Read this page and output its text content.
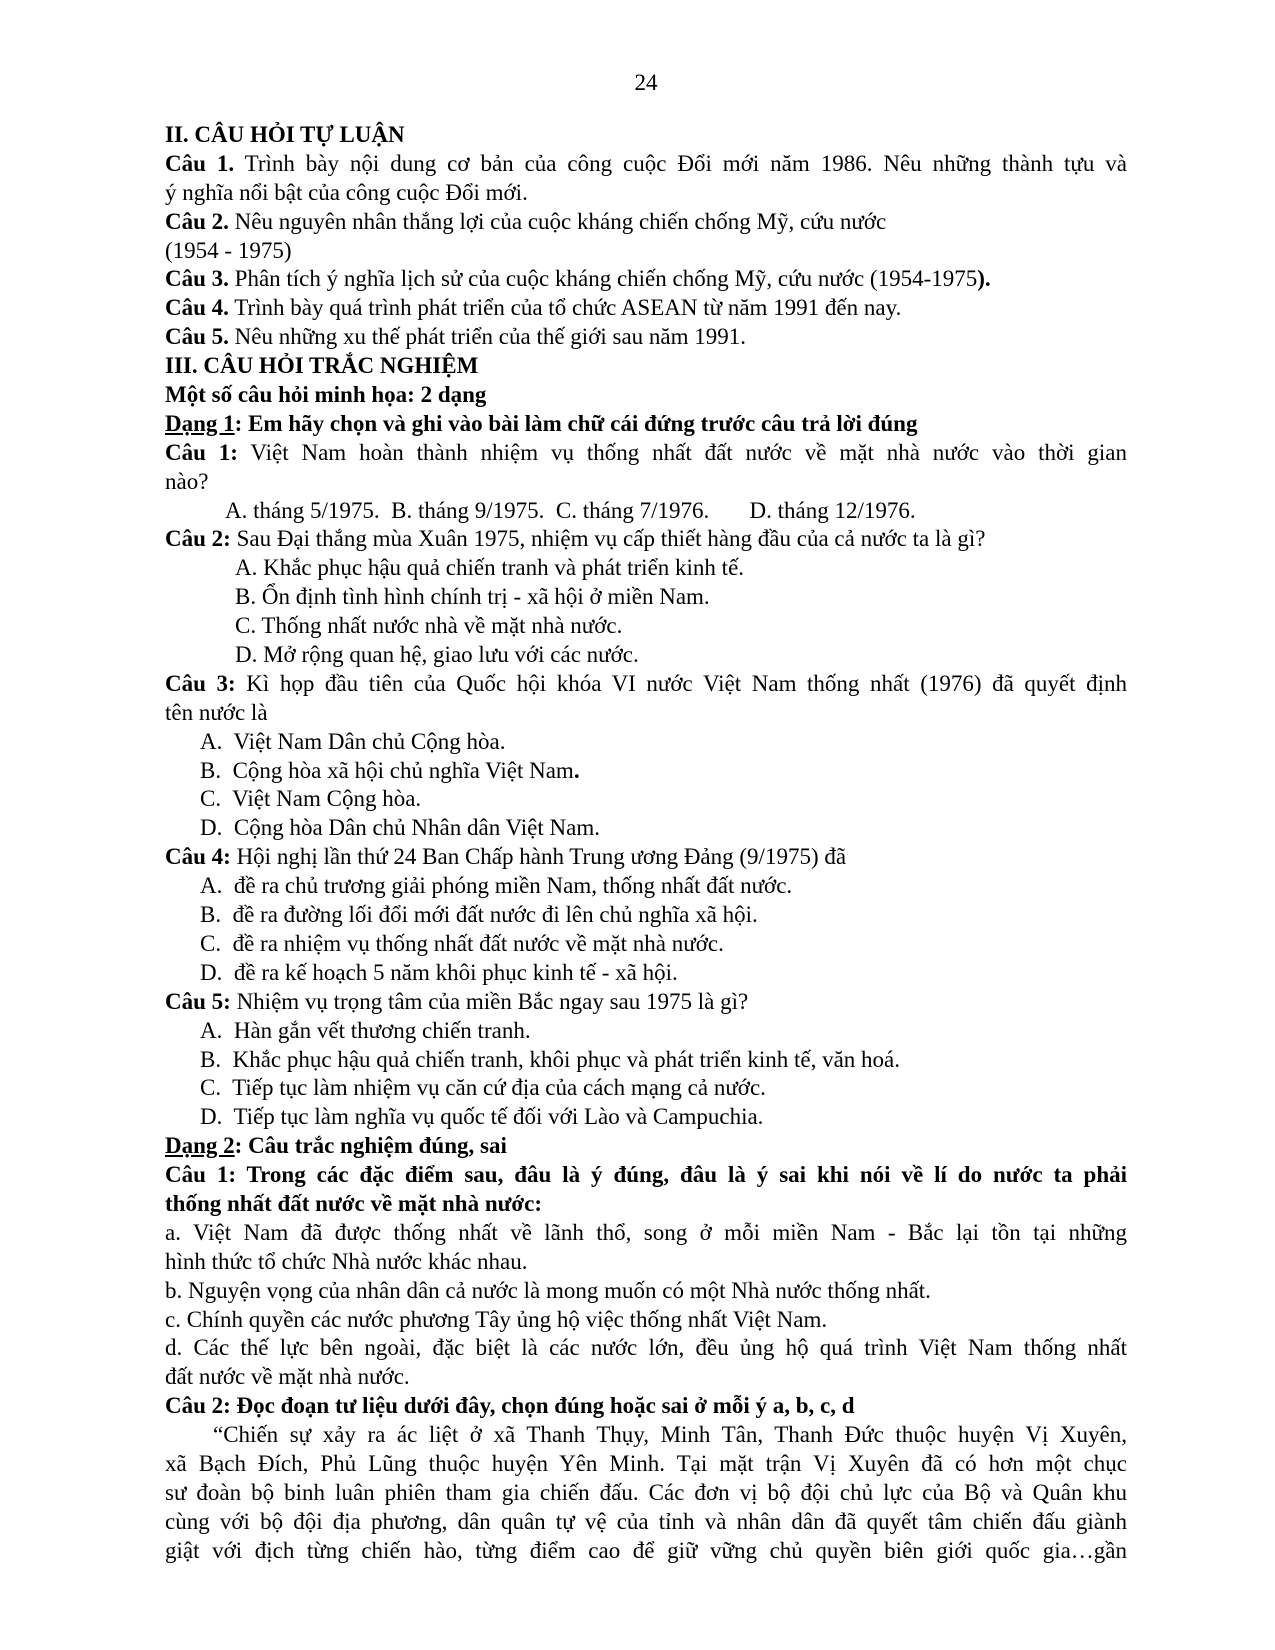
24
II. CÂU HỎI TỰ LUẬN
Câu 1. Trình bày nội dung cơ bản của công cuộc Đổi mới năm 1986. Nêu những thành tựu và
ý nghĩa nổi bật của công cuộc Đổi mới.
Câu 2. Nêu nguyên nhân thắng lợi của cuộc kháng chiến chống Mỹ, cứu nước
(1954 - 1975)
Câu 3. Phân tích ý nghĩa lịch sử của cuộc kháng chiến chống Mỹ, cứu nước (1954-1975).
Câu 4. Trình bày quá trình phát triển của tổ chức ASEAN từ năm 1991 đến nay.
Câu 5. Nêu những xu thế phát triển của thế giới sau năm 1991.
III. CÂU HỎI TRẮC NGHIỆM
Một số câu hỏi minh họa: 2 dạng
Dạng 1: Em hãy chọn và ghi vào bài làm chữ cái đứng trước câu trả lời đúng
Câu 1: Việt Nam hoàn thành nhiệm vụ thống nhất đất nước về mặt nhà nước vào thời gian
nào?
A. tháng 5/1975.  B. tháng 9/1975.  C. tháng 7/1976.       D. tháng 12/1976.
Câu 2: Sau Đại thắng mùa Xuân 1975, nhiệm vụ cấp thiết hàng đầu của cả nước ta là gì?
A. Khắc phục hậu quả chiến tranh và phát triển kinh tế.
B. Ổn định tình hình chính trị - xã hội ở miền Nam.
C. Thống nhất nước nhà về mặt nhà nước.
D. Mở rộng quan hệ, giao lưu với các nước.
Câu 3: Kì họp đầu tiên của Quốc hội khóa VI nước Việt Nam thống nhất (1976) đã quyết định
tên nước là
A.  Việt Nam Dân chủ Cộng hòa.
B.  Cộng hòa xã hội chủ nghĩa Việt Nam.
C.  Việt Nam Cộng hòa.
D.  Cộng hòa Dân chủ Nhân dân Việt Nam.
Câu 4: Hội nghị lần thứ 24 Ban Chấp hành Trung ương Đảng (9/1975) đã
A.  đề ra chủ trương giải phóng miền Nam, thống nhất đất nước.
B.  đề ra đường lối đổi mới đất nước đi lên chủ nghĩa xã hội.
C.  đề ra nhiệm vụ thống nhất đất nước về mặt nhà nước.
D.  đề ra kế hoạch 5 năm khôi phục kinh tế - xã hội.
Câu 5: Nhiệm vụ trọng tâm của miền Bắc ngay sau 1975 là gì?
A.  Hàn gắn vết thương chiến tranh.
B.  Khắc phục hậu quả chiến tranh, khôi phục và phát triển kinh tế, văn hoá.
C.  Tiếp tục làm nhiệm vụ căn cứ địa của cách mạng cả nước.
D.  Tiếp tục làm nghĩa vụ quốc tế đối với Lào và Campuchia.
Dạng 2: Câu trắc nghiệm đúng, sai
Câu 1: Trong các đặc điểm sau, đâu là ý đúng, đâu là ý sai khi nói về lí do nước ta phải
thống nhất đất nước về mặt nhà nước:
a. Việt Nam đã được thống nhất về lãnh thổ, song ở mỗi miền Nam - Bắc lại tồn tại những
hình thức tổ chức Nhà nước khác nhau.
b. Nguyện vọng của nhân dân cả nước là mong muốn có một Nhà nước thống nhất.
c. Chính quyền các nước phương Tây ủng hộ việc thống nhất Việt Nam.
d. Các thế lực bên ngoài, đặc biệt là các nước lớn, đều ủng hộ quá trình Việt Nam thống nhất
đất nước về mặt nhà nước.
Câu 2: Đọc đoạn tư liệu dưới đây, chọn đúng hoặc sai ở mỗi ý a, b, c, d
“Chiến sự xảy ra ác liệt ở xã Thanh Thụy, Minh Tân, Thanh Đức thuộc huyện Vị Xuyên,
xã Bạch Đích, Phủ Lũng thuộc huyện Yên Minh. Tại mặt trận Vị Xuyên đã có hơn một chục
sư đoàn bộ binh luân phiên tham gia chiến đấu. Các đơn vị bộ đội chủ lực của Bộ và Quân khu
cùng với bộ đội địa phương, dân quân tự vệ của tỉnh và nhân dân đã quyết tâm chiến đấu giành
giật với địch từng chiến hào, từng điểm cao để giữ vững chủ quyền biên giới quốc gia…gần
